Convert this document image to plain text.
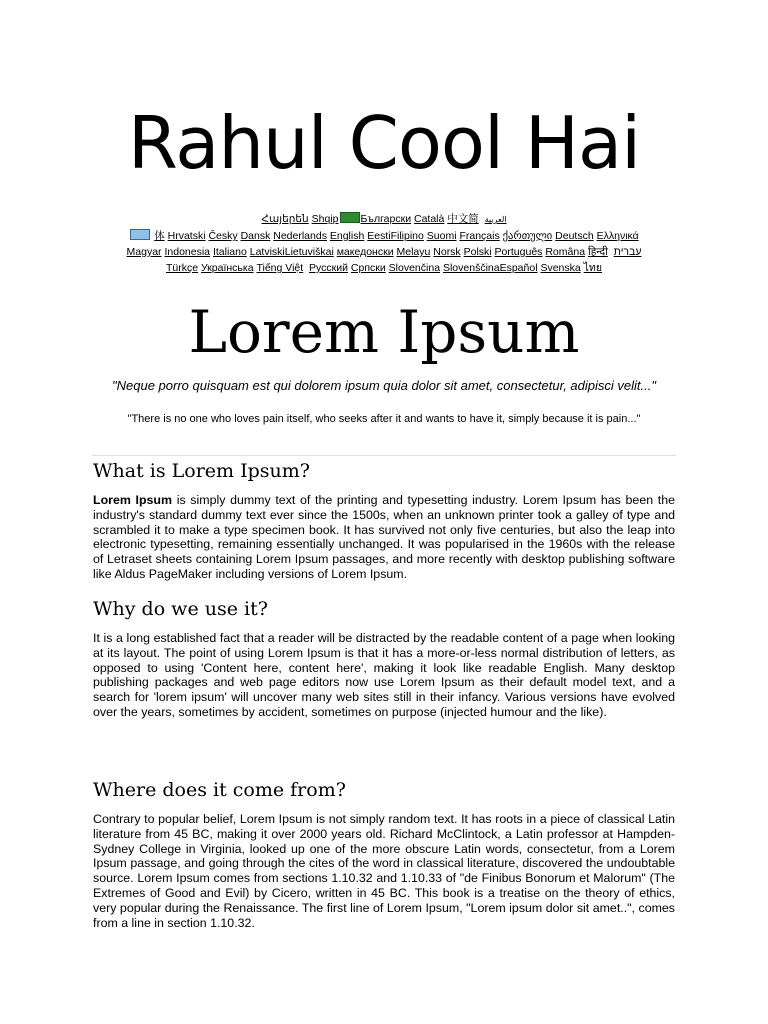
Rahul Cool Hai
Հայերեն Shqip Български Català 中文简 العربية
体 Hrvatski Česky Dansk Nederlands English EestiFilipino Suomi Français ქართული Deutsch Ελληνικά
Magyar Indonesia Italiano LatviskiLietuviškai македонски Melayu Norsk Polski Português Româna हिन्दी עברית
Türkçe Українська Tiếng Việt Русский Српски Slovenčina SlovenščinaEspañol Svenska ไทย
Lorem Ipsum
"Neque porro quisquam est qui dolorem ipsum quia dolor sit amet, consectetur, adipisci velit..."
"There is no one who loves pain itself, who seeks after it and wants to have it, simply because it is pain..."
What is Lorem Ipsum?

Lorem Ipsum is simply dummy text of the printing and typesetting industry. Lorem Ipsum has been the industry's standard dummy text ever since the 1500s, when an unknown printer took a galley of type and scrambled it to make a type specimen book. It has survived not only five centuries, but also the leap into electronic typesetting, remaining essentially unchanged. It was popularised in the 1960s with the release of Letraset sheets containing Lorem Ipsum passages, and more recently with desktop publishing software like Aldus PageMaker including versions of Lorem Ipsum.

Why do we use it?

It is a long established fact that a reader will be distracted by the readable content of a page when looking at its layout. The point of using Lorem Ipsum is that it has a more-or-less normal distribution of letters, as opposed to using 'Content here, content here', making it look like readable English. Many desktop publishing packages and web page editors now use Lorem Ipsum as their default model text, and a search for 'lorem ipsum' will uncover many web sites still in their infancy. Various versions have evolved over the years, sometimes by accident, sometimes on purpose (injected humour and the like).

Where does it come from?

Contrary to popular belief, Lorem Ipsum is not simply random text. It has roots in a piece of classical Latin literature from 45 BC, making it over 2000 years old. Richard McClintock, a Latin professor at Hampden-Sydney College in Virginia, looked up one of the more obscure Latin words, consectetur, from a Lorem Ipsum passage, and going through the cites of the word in classical literature, discovered the undoubtable source. Lorem Ipsum comes from sections 1.10.32 and 1.10.33 of "de Finibus Bonorum et Malorum" (The Extremes of Good and Evil) by Cicero, written in 45 BC. This book is a treatise on the theory of ethics, very popular during the Renaissance. The first line of Lorem Ipsum, "Lorem ipsum dolor sit amet..", comes from a line in section 1.10.32.
